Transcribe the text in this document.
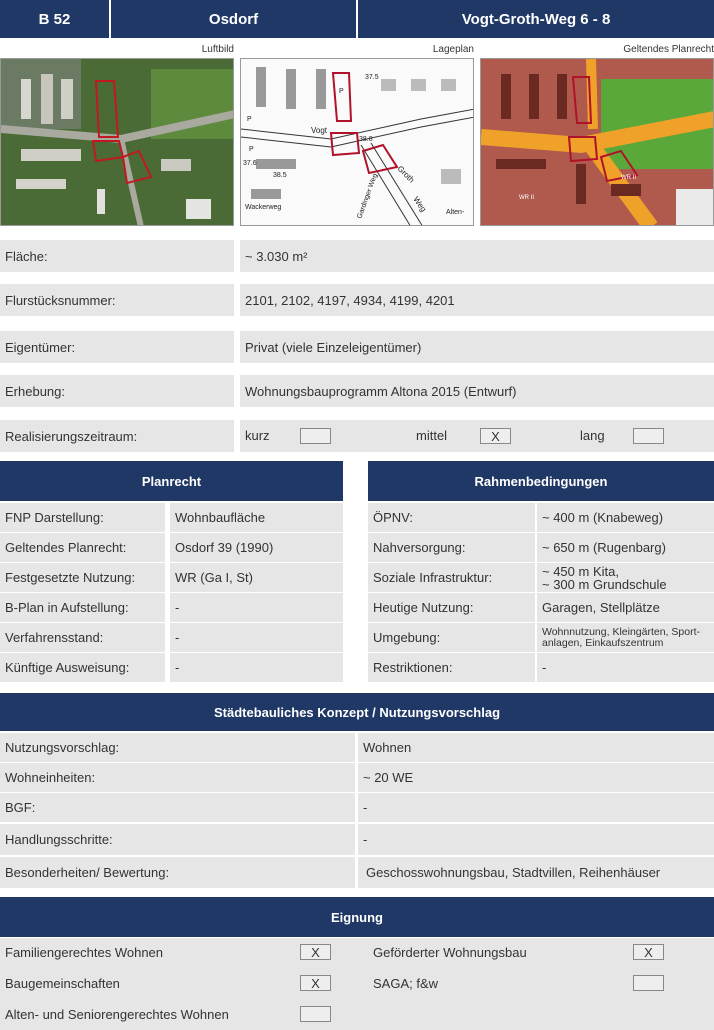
B 52	Osdorf	Vogt-Groth-Weg 6 - 8
Luftbild	Lageplan	Geltendes Planrecht
37.5
P
P
Vogt
38.8
38.5	Gardinger Weg
Wackerweg
Groth
Weg	Alten-
P
37.6
WR II
WR II
Fläche:	~ 3.030 m²
Flurstücksnummer:	2101, 2102, 4197, 4934, 4199, 4201
Eigentümer:	Privat (viele Einzeleigentümer)
Erhebung:	Wohnungsbauprogramm Altona 2015 (Entwurf)
Realisierungszeitraum:	kurz	mittel	X	lang
Planrecht	Rahmenbedingungen
FNP Darstellung:	Wohnbaufläche
Geltendes Planrecht:	Osdorf 39 (1990)
Festgesetzte Nutzung:	WR (Ga I, St)
B-Plan in Aufstellung:	-
Verfahrensstand:	-
Künftige Ausweisung:	-
ÖPNV:	~ 400 m (Knabeweg)
Nahversorgung:	~ 650 m (Rugenbarg)
Soziale Infrastruktur:	~ 450 m Kita,
~ 300 m Grundschule
Heutige Nutzung:	Garagen, Stellplätze
Umgebung:	Wohnnutzung, Kleingärten, Sport-
anlagen, Einkaufszentrum
Restriktionen:	-
Städtebauliches Konzept / Nutzungsvorschlag
Nutzungsvorschlag:	Wohnen
Wohneinheiten:	~ 20 WE
BGF:	-
Handlungsschritte:	-
Besonderheiten/ Bewertung:	Geschosswohnungsbau, Stadtvillen, Reihenhäuser
Eignung
Familiengerechtes Wohnen	X
Baugemeinschaften	X
Alten- und Seniorengerechtes Wohnen
Geförderter Wohnungsbau	X
SAGA; f&w
